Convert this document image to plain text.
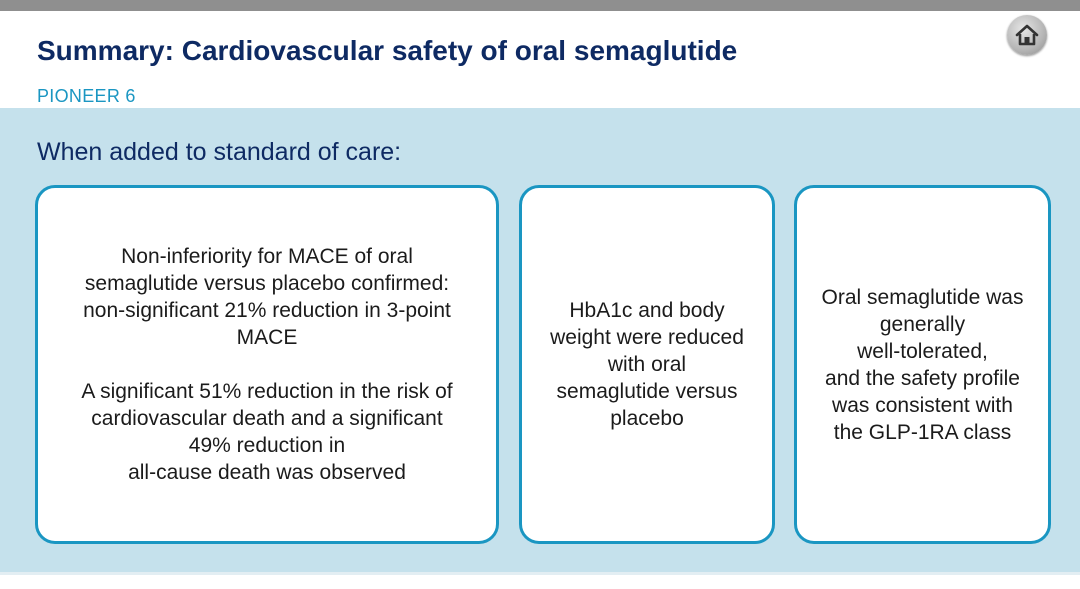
Summary: Cardiovascular safety of oral semaglutide
PIONEER 6
When added to standard of care:

Non-inferiority for MACE of oral
semaglutide versus placebo confirmed:
non-significant 21% reduction in 3-point
MACE

A significant 51% reduction in the risk of
cardiovascular death and a significant
49% reduction in
all-cause death was observed

HbA1c and body
weight were reduced
with oral
semaglutide versus
placebo

Oral semaglutide was
generally
well-tolerated,
and the safety profile
was consistent with
the GLP-1RA class
